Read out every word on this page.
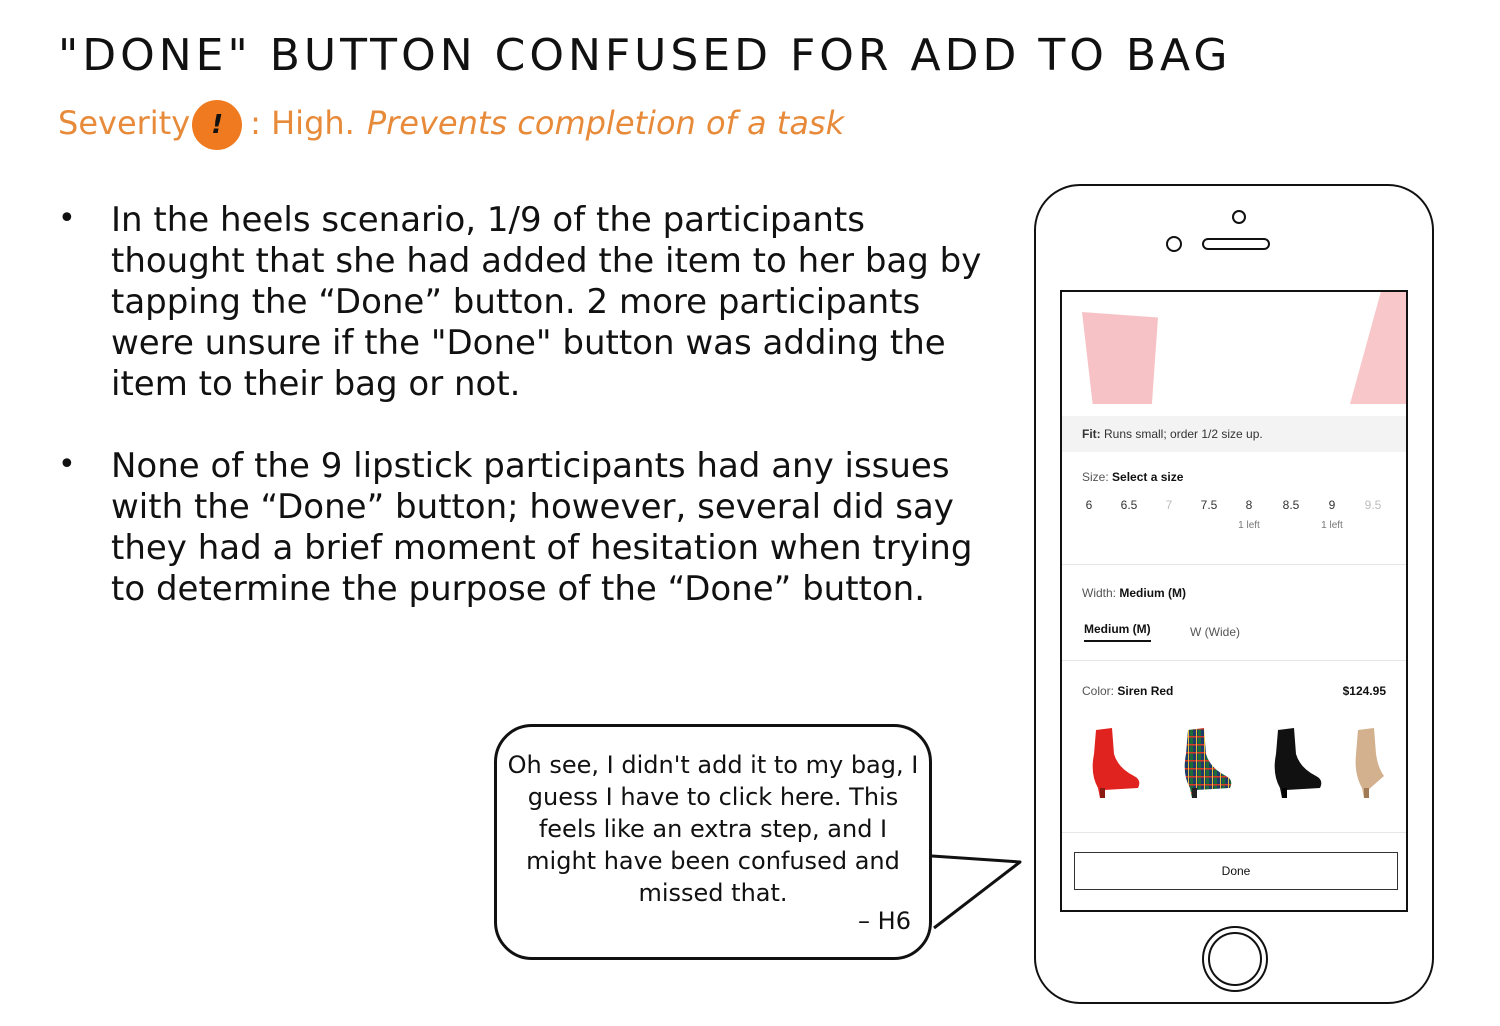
"DONE" BUTTON CONFUSED FOR ADD TO BAG
Severity ! : High. Prevents completion of a task
• In the heels scenario, 1/9 of the participants thought that she had added the item to her bag by tapping the “Done” button. 2 more participants were unsure if the "Done" button was adding the item to their bag or not.
• None of the 9 lipstick participants had any issues with the “Done” button; however, several did say they had a brief moment of hesitation when trying to determine the purpose of the “Done” button.
Oh see, I didn't add it to my bag, I guess I have to click here. This feels like an extra step, and I might have been confused and missed that.
– H6
Fit: Runs small; order 1/2 size up.
Size: Select a size
6	6.5	7	7.5	8
1 left
8.5	9
1 left
9.5
Width: Medium (M)
Medium (M)	W (Wide)
Color: Siren Red	$124.95
Done
